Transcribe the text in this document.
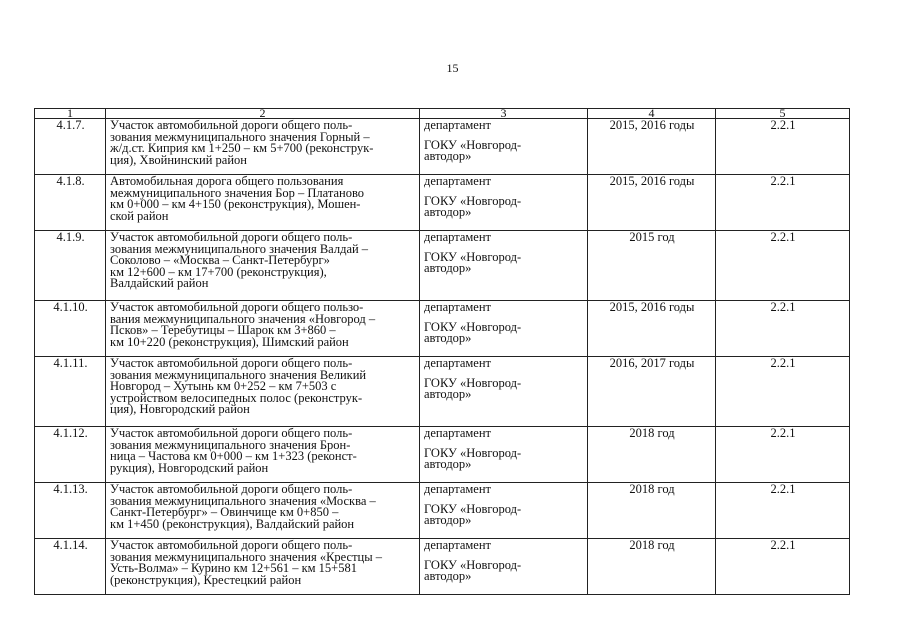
15
1	2	3	4	5
4.1.7.	Участок автомобильной дороги общего поль-
зования межмуниципального значения Горный –
ж/д.ст. Киприя км 1+250 – км 5+700 (реконструк-
ция), Хвойнинский район	департамент
ГОКУ «Новгород-
автодор»	2015, 2016 годы	2.2.1
4.1.8.	Автомобильная дорога общего пользования
межмуниципального значения Бор – Платаново
км 0+000 – км 4+150 (реконструкция), Мошен-
ской район	департамент
ГОКУ «Новгород-
автодор»	2015, 2016 годы	2.2.1
4.1.9.	Участок автомобильной дороги общего поль-
зования межмуниципального значения Валдай –
Соколово – «Москва – Санкт-Петербург»
км 12+600 – км 17+700 (реконструкция),
Валдайский район	департамент
ГОКУ «Новгород-
автодор»	2015 год	2.2.1
4.1.10.	Участок автомобильной дороги общего пользо-
вания межмуниципального значения «Новгород –
Псков» – Теребутицы – Шарок км 3+860 –
км 10+220 (реконструкция), Шимский район	департамент
ГОКУ «Новгород-
автодор»	2015, 2016 годы	2.2.1
4.1.11.	Участок автомобильной дороги общего поль-
зования межмуниципального значения Великий
Новгород – Хутынь км 0+252 – км 7+503 с
устройством велосипедных полос (реконструк-
ция), Новгородский район	департамент
ГОКУ «Новгород-
автодор»	2016, 2017 годы	2.2.1
4.1.12.	Участок автомобильной дороги общего поль-
зования межмуниципального значения Брон-
ница – Частова км 0+000 – км 1+323 (реконст-
рукция), Новгородский район	департамент
ГОКУ «Новгород-
автодор»	2018 год	2.2.1
4.1.13.	Участок автомобильной дороги общего поль-
зования межмуниципального значения «Москва –
Санкт-Петербург» – Овинчище км 0+850 –
км 1+450 (реконструкция), Валдайский район	департамент
ГОКУ «Новгород-
автодор»	2018 год	2.2.1
4.1.14.	Участок автомобильной дороги общего поль-
зования межмуниципального значения «Крестцы –
Усть-Волма» – Курино км 12+561 – км 15+581
(реконструкция), Крестецкий район	департамент
ГОКУ «Новгород-
автодор»	2018 год	2.2.1
